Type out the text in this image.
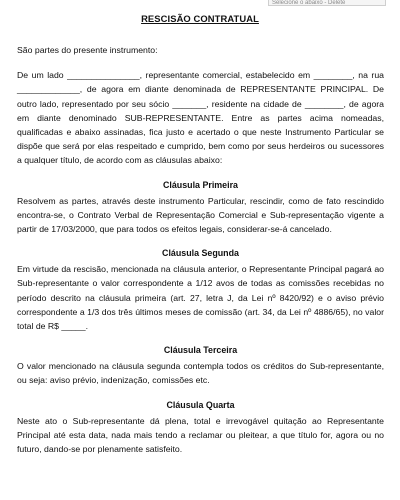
Selecione o abaixo - Delete
RESCISÃO CONTRATUAL

São partes do presente instrumento:

De um lado _______________, representante comercial, estabelecido em ________, na rua _____________, de agora em diante denominada de REPRESENTANTE PRINCIPAL. De outro lado, representado por seu sócio _______, residente na cidade de ________, de agora em diante denominado SUB-REPRESENTANTE. Entre as partes acima nomeadas, qualificadas e abaixo assinadas, fica justo e acertado o que neste Instrumento Particular se dispõe que será por elas respeitado e cumprido, bem como por seus herdeiros ou sucessores a qualquer título, de acordo com as cláusulas abaixo:

Cláusula Primeira

Resolvem as partes, através deste instrumento Particular, rescindir, como de fato rescindido encontra-se, o Contrato Verbal de Representação Comercial e Sub-representação vigente a partir de 17/03/2000, que para todos os efeitos legais, considerar-se-á cancelado.

Cláusula Segunda

Em virtude da rescisão, mencionada na cláusula anterior, o Representante Principal pagará ao Sub-representante o valor correspondente a 1/12 avos de todas as comissões recebidas no período descrito na cláusula primeira (art. 27, letra J, da Lei nº 8420/92) e o aviso prévio correspondente a 1/3 dos três últimos meses de comissão (art. 34, da Lei nº 4886/65), no valor total de R$ _____.

Cláusula Terceira

O valor mencionado na cláusula segunda contempla todos os créditos do Sub-representante, ou seja: aviso prévio, indenização, comissões etc.

Cláusula Quarta

Neste ato o Sub-representante dá plena, total e irrevogável quitação ao Representante Principal até esta data, nada mais tendo a reclamar ou pleitear, a que título for, agora ou no futuro, dando-se por plenamente satisfeito.
